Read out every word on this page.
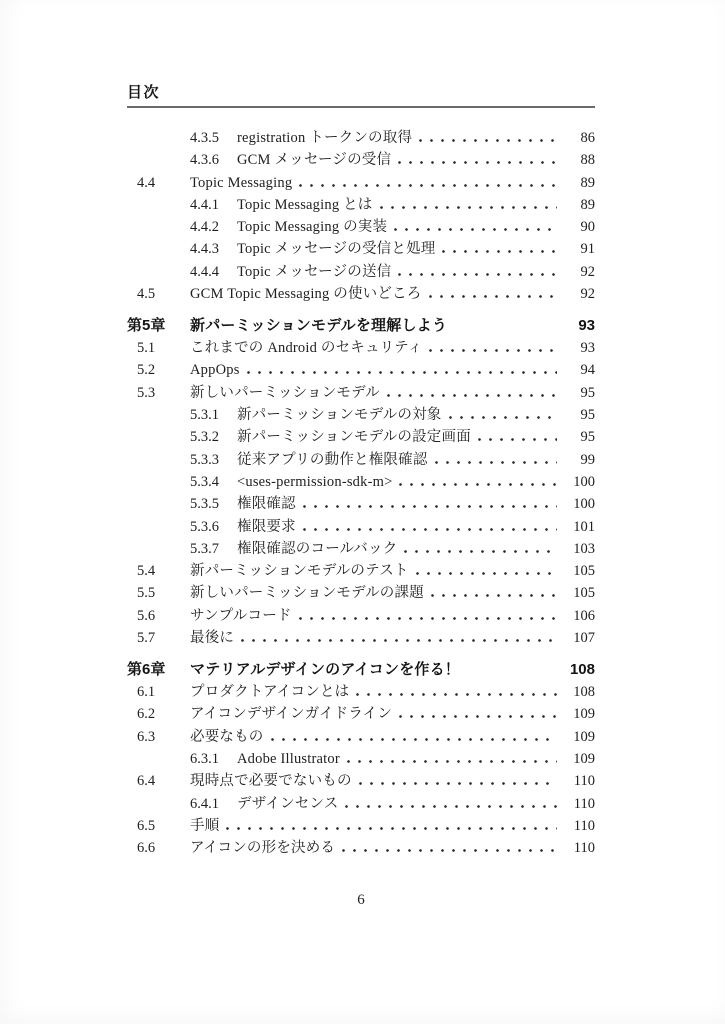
目次
4.3.5	registration トークンの取得	86
4.3.6	GCM メッセージの受信	88
4.4	Topic Messaging	89
4.4.1	Topic Messaging とは	89
4.4.2	Topic Messaging の実装	90
4.4.3	Topic メッセージの受信と処理	91
4.4.4	Topic メッセージの送信	92
4.5	GCM Topic Messaging の使いどころ	92
第5章	新パーミッションモデルを理解しよう	93
5.1	これまでの Android のセキュリティ	93
5.2	AppOps	94
5.3	新しいパーミッションモデル	95
5.3.1	新パーミッションモデルの対象	95
5.3.2	新パーミッションモデルの設定画面	95
5.3.3	従来アプリの動作と権限確認	99
5.3.4	<uses-permission-sdk-m>	100
5.3.5	権限確認	100
5.3.6	権限要求	101
5.3.7	権限確認のコールバック	103
5.4	新パーミッションモデルのテスト	105
5.5	新しいパーミッションモデルの課題	105
5.6	サンプルコード	106
5.7	最後に	107
第6章	マテリアルデザインのアイコンを作る！	108
6.1	プロダクトアイコンとは	108
6.2	アイコンデザインガイドライン	109
6.3	必要なもの	109
6.3.1	Adobe Illustrator	109
6.4	現時点で必要でないもの	110
6.4.1	デザインセンス	110
6.5	手順	110
6.6	アイコンの形を決める	110
6
